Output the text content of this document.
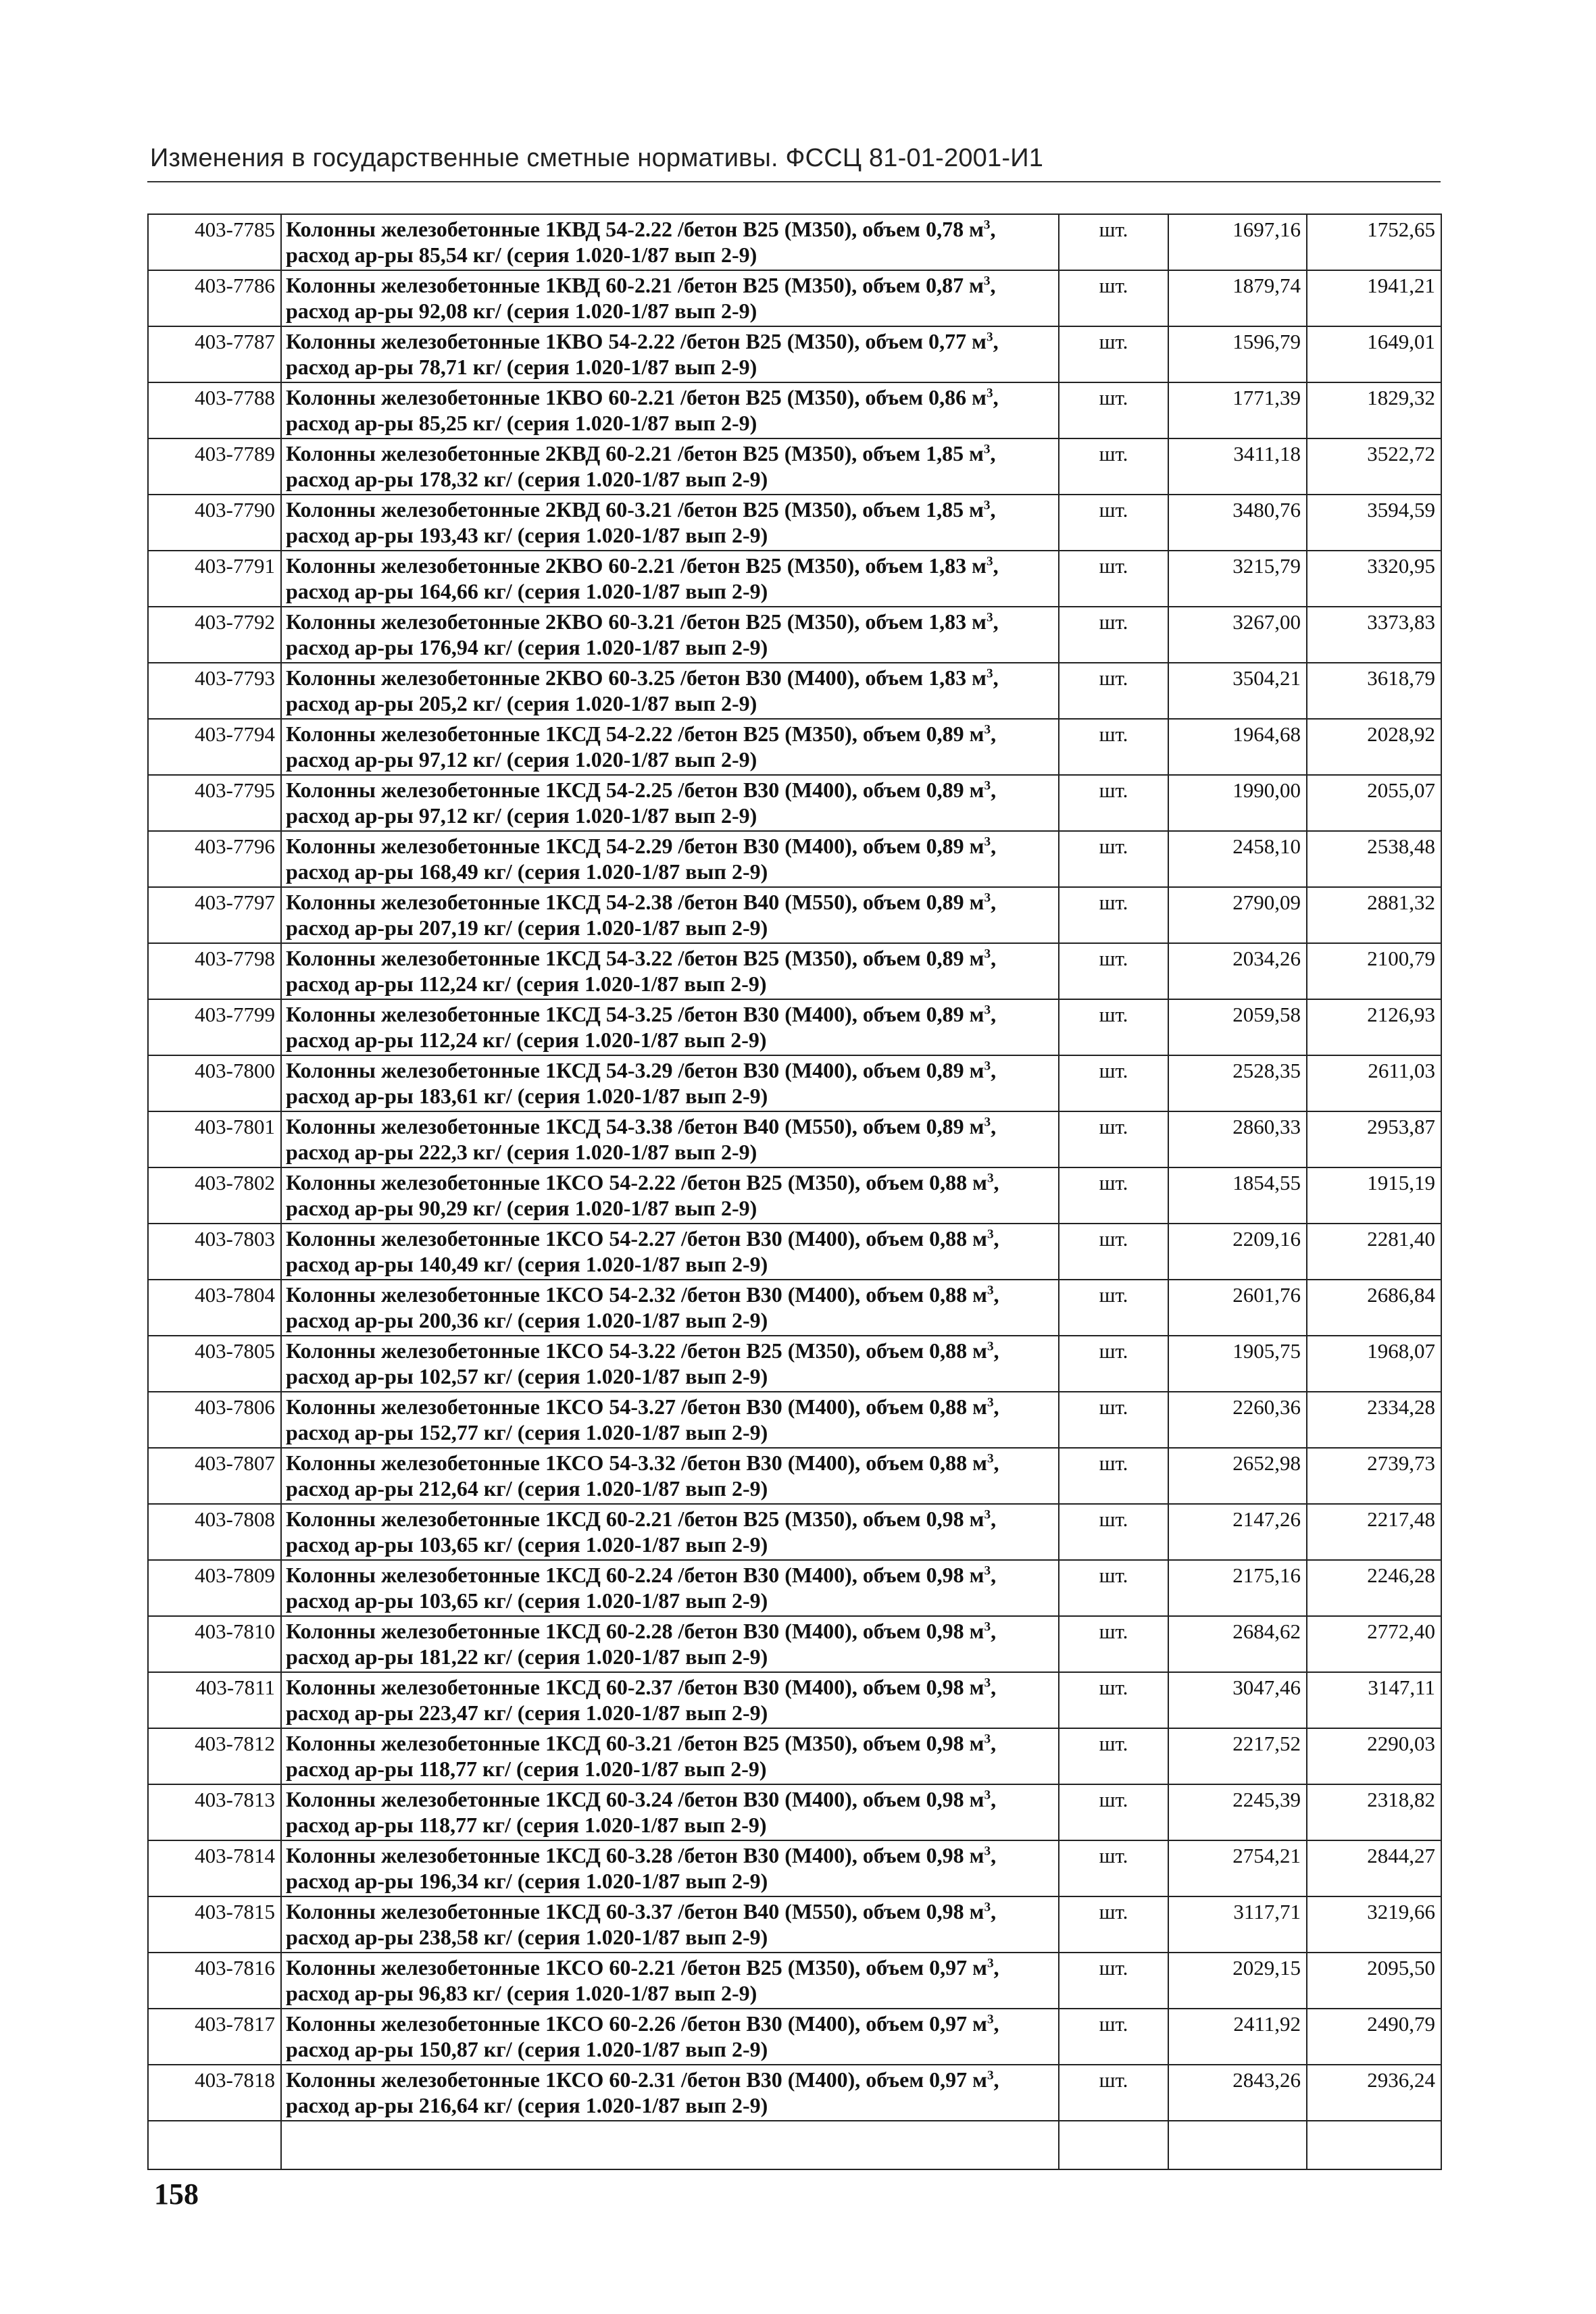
Изменения в государственные сметные нормативы. ФССЦ 81-01-2001-И1
403-7785	Колонны железобетонные 1КВД 54-2.22 /бетон В25 (М350), объем 0,78 $м^3$, расход ар-ры 85,54 кг/ (серия 1.020-1/87 вып 2-9)	шт.	1697,16	1752,65
403-7786	Колонны железобетонные 1КВД 60-2.21 /бетон В25 (М350), объем 0,87 $м^3$, расход ар-ры 92,08 кг/ (серия 1.020-1/87 вып 2-9)	шт.	1879,74	1941,21
403-7787	Колонны железобетонные 1КВО 54-2.22 /бетон В25 (М350), объем 0,77 $м^3$, расход ар-ры 78,71 кг/ (серия 1.020-1/87 вып 2-9)	шт.	1596,79	1649,01
403-7788	Колонны железобетонные 1КВО 60-2.21 /бетон В25 (М350), объем 0,86 $м^3$, расход ар-ры 85,25 кг/ (серия 1.020-1/87 вып 2-9)	шт.	1771,39	1829,32
403-7789	Колонны железобетонные 2КВД 60-2.21 /бетон В25 (М350), объем 1,85 $м^3$, расход ар-ры 178,32 кг/ (серия 1.020-1/87 вып 2-9)	шт.	3411,18	3522,72
403-7790	Колонны железобетонные 2КВД 60-3.21 /бетон В25 (М350), объем 1,85 $м^3$, расход ар-ры 193,43 кг/ (серия 1.020-1/87 вып 2-9)	шт.	3480,76	3594,59
403-7791	Колонны железобетонные 2КВО 60-2.21 /бетон В25 (М350), объем 1,83 $м^3$, расход ар-ры 164,66 кг/ (серия 1.020-1/87 вып 2-9)	шт.	3215,79	3320,95
403-7792	Колонны железобетонные 2КВО 60-3.21 /бетон В25 (М350), объем 1,83 $м^3$, расход ар-ры 176,94 кг/ (серия 1.020-1/87 вып 2-9)	шт.	3267,00	3373,83
403-7793	Колонны железобетонные 2КВО 60-3.25 /бетон В30 (М400), объем 1,83 $м^3$, расход ар-ры 205,2 кг/ (серия 1.020-1/87 вып 2-9)	шт.	3504,21	3618,79
403-7794	Колонны железобетонные 1КСД 54-2.22 /бетон В25 (М350), объем 0,89 $м^3$, расход ар-ры 97,12 кг/ (серия 1.020-1/87 вып 2-9)	шт.	1964,68	2028,92
403-7795	Колонны железобетонные 1КСД 54-2.25 /бетон В30 (М400), объем 0,89 $м^3$, расход ар-ры 97,12 кг/ (серия 1.020-1/87 вып 2-9)	шт.	1990,00	2055,07
403-7796	Колонны железобетонные 1КСД 54-2.29 /бетон В30 (М400), объем 0,89 $м^3$, расход ар-ры 168,49 кг/ (серия 1.020-1/87 вып 2-9)	шт.	2458,10	2538,48
403-7797	Колонны железобетонные 1КСД 54-2.38 /бетон В40 (М550), объем 0,89 $м^3$, расход ар-ры 207,19 кг/ (серия 1.020-1/87 вып 2-9)	шт.	2790,09	2881,32
403-7798	Колонны железобетонные 1КСД 54-3.22 /бетон В25 (М350), объем 0,89 $м^3$, расход ар-ры 112,24 кг/ (серия 1.020-1/87 вып 2-9)	шт.	2034,26	2100,79
403-7799	Колонны железобетонные 1КСД 54-3.25 /бетон В30 (М400), объем 0,89 $м^3$, расход ар-ры 112,24 кг/ (серия 1.020-1/87 вып 2-9)	шт.	2059,58	2126,93
403-7800	Колонны железобетонные 1КСД 54-3.29 /бетон В30 (М400), объем 0,89 $м^3$, расход ар-ры 183,61 кг/ (серия 1.020-1/87 вып 2-9)	шт.	2528,35	2611,03
403-7801	Колонны железобетонные 1КСД 54-3.38 /бетон В40 (М550), объем 0,89 $м^3$, расход ар-ры 222,3 кг/ (серия 1.020-1/87 вып 2-9)	шт.	2860,33	2953,87
403-7802	Колонны железобетонные 1КСО 54-2.22 /бетон В25 (М350), объем 0,88 $м^3$, расход ар-ры 90,29 кг/ (серия 1.020-1/87 вып 2-9)	шт.	1854,55	1915,19
403-7803	Колонны железобетонные 1КСО 54-2.27 /бетон В30 (М400), объем 0,88 $м^3$, расход ар-ры 140,49 кг/ (серия 1.020-1/87 вып 2-9)	шт.	2209,16	2281,40
403-7804	Колонны железобетонные 1КСО 54-2.32 /бетон В30 (М400), объем 0,88 $м^3$, расход ар-ры 200,36 кг/ (серия 1.020-1/87 вып 2-9)	шт.	2601,76	2686,84
403-7805	Колонны железобетонные 1КСО 54-3.22 /бетон В25 (М350), объем 0,88 $м^3$, расход ар-ры 102,57 кг/ (серия 1.020-1/87 вып 2-9)	шт.	1905,75	1968,07
403-7806	Колонны железобетонные 1КСО 54-3.27 /бетон В30 (М400), объем 0,88 $м^3$, расход ар-ры 152,77 кг/ (серия 1.020-1/87 вып 2-9)	шт.	2260,36	2334,28
403-7807	Колонны железобетонные 1КСО 54-3.32 /бетон В30 (М400), объем 0,88 $м^3$, расход ар-ры 212,64 кг/ (серия 1.020-1/87 вып 2-9)	шт.	2652,98	2739,73
403-7808	Колонны железобетонные 1КСД 60-2.21 /бетон В25 (М350), объем 0,98 $м^3$, расход ар-ры 103,65 кг/ (серия 1.020-1/87 вып 2-9)	шт.	2147,26	2217,48
403-7809	Колонны железобетонные 1КСД 60-2.24 /бетон В30 (М400), объем 0,98 $м^3$, расход ар-ры 103,65 кг/ (серия 1.020-1/87 вып 2-9)	шт.	2175,16	2246,28
403-7810	Колонны железобетонные 1КСД 60-2.28 /бетон В30 (М400), объем 0,98 $м^3$, расход ар-ры 181,22 кг/ (серия 1.020-1/87 вып 2-9)	шт.	2684,62	2772,40
403-7811	Колонны железобетонные 1КСД 60-2.37 /бетон В30 (М400), объем 0,98 $м^3$, расход ар-ры 223,47 кг/ (серия 1.020-1/87 вып 2-9)	шт.	3047,46	3147,11
403-7812	Колонны железобетонные 1КСД 60-3.21 /бетон В25 (М350), объем 0,98 $м^3$, расход ар-ры 118,77 кг/ (серия 1.020-1/87 вып 2-9)	шт.	2217,52	2290,03
403-7813	Колонны железобетонные 1КСД 60-3.24 /бетон В30 (М400), объем 0,98 $м^3$, расход ар-ры 118,77 кг/ (серия 1.020-1/87 вып 2-9)	шт.	2245,39	2318,82
403-7814	Колонны железобетонные 1КСД 60-3.28 /бетон В30 (М400), объем 0,98 $м^3$, расход ар-ры 196,34 кг/ (серия 1.020-1/87 вып 2-9)	шт.	2754,21	2844,27
403-7815	Колонны железобетонные 1КСД 60-3.37 /бетон В40 (М550), объем 0,98 $м^3$, расход ар-ры 238,58 кг/ (серия 1.020-1/87 вып 2-9)	шт.	3117,71	3219,66
403-7816	Колонны железобетонные 1КСО 60-2.21 /бетон В25 (М350), объем 0,97 $м^3$, расход ар-ры 96,83 кг/ (серия 1.020-1/87 вып 2-9)	шт.	2029,15	2095,50
403-7817	Колонны железобетонные 1КСО 60-2.26 /бетон В30 (М400), объем 0,97 $м^3$, расход ар-ры 150,87 кг/ (серия 1.020-1/87 вып 2-9)	шт.	2411,92	2490,79
403-7818	Колонны железобетонные 1КСО 60-2.31 /бетон В30 (М400), объем 0,97 $м^3$, расход ар-ры 216,64 кг/ (серия 1.020-1/87 вып 2-9)	шт.	2843,26	2936,24

158
